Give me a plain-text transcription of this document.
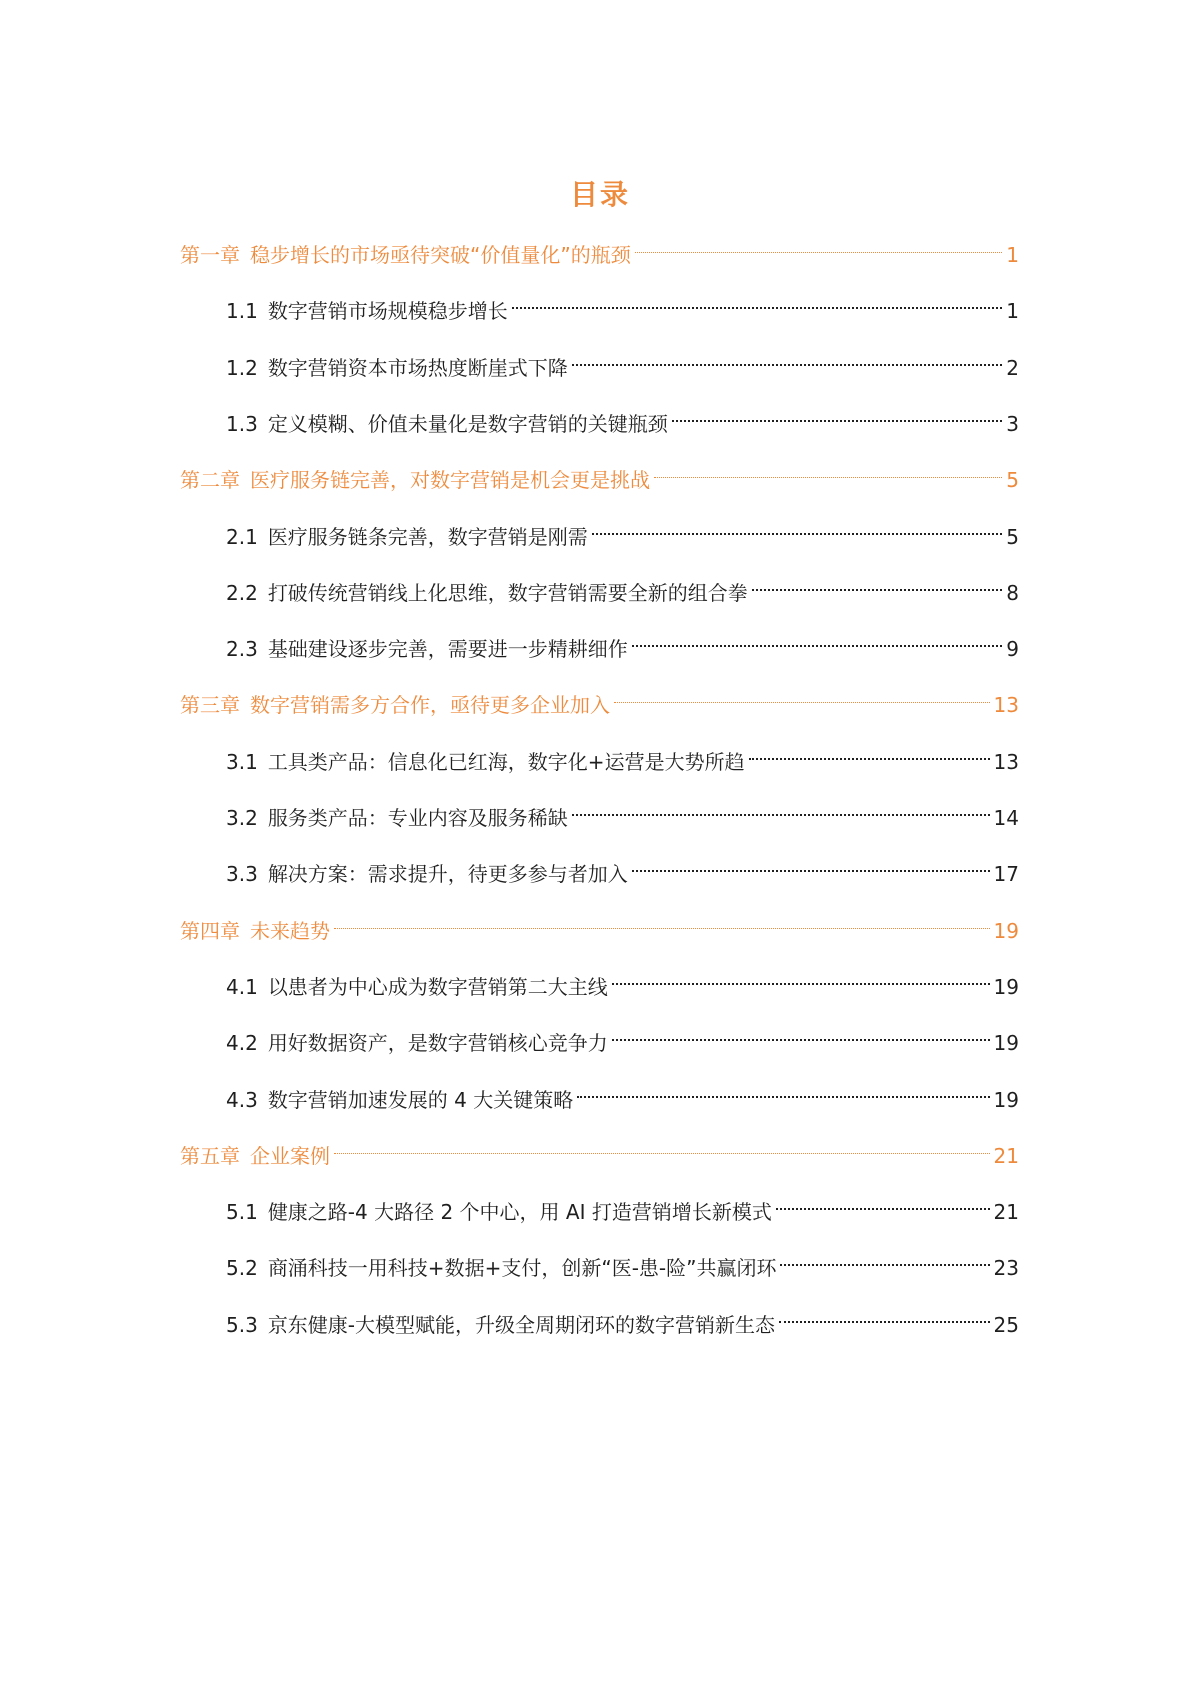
目录
第一章 稳步增长的市场亟待突破“价值量化”的瓶颈	1
1.1 数字营销市场规模稳步增长	1
1.2 数字营销资本市场热度断崖式下降	2
1.3 定义模糊、价值未量化是数字营销的关键瓶颈	3
第二章 医疗服务链完善，对数字营销是机会更是挑战	5
2.1 医疗服务链条完善，数字营销是刚需	5
2.2 打破传统营销线上化思维，数字营销需要全新的组合拳	8
2.3 基础建设逐步完善，需要进一步精耕细作	9
第三章 数字营销需多方合作，亟待更多企业加入	13
3.1 工具类产品：信息化已红海，数字化+运营是大势所趋	13
3.2 服务类产品：专业内容及服务稀缺	14
3.3 解决方案：需求提升，待更多参与者加入	17
第四章 未来趋势	19
4.1 以患者为中心成为数字营销第二大主线	19
4.2 用好数据资产，是数字营销核心竞争力	19
4.3 数字营销加速发展的 4 大关键策略	19
第五章 企业案例	21
5.1 健康之路-4 大路径 2 个中心，用 AI 打造营销增长新模式	21
5.2 商涌科技一用科技+数据+支付，创新“医-患-险”共赢闭环	23
5.3 京东健康-大模型赋能，升级全周期闭环的数字营销新生态	25
